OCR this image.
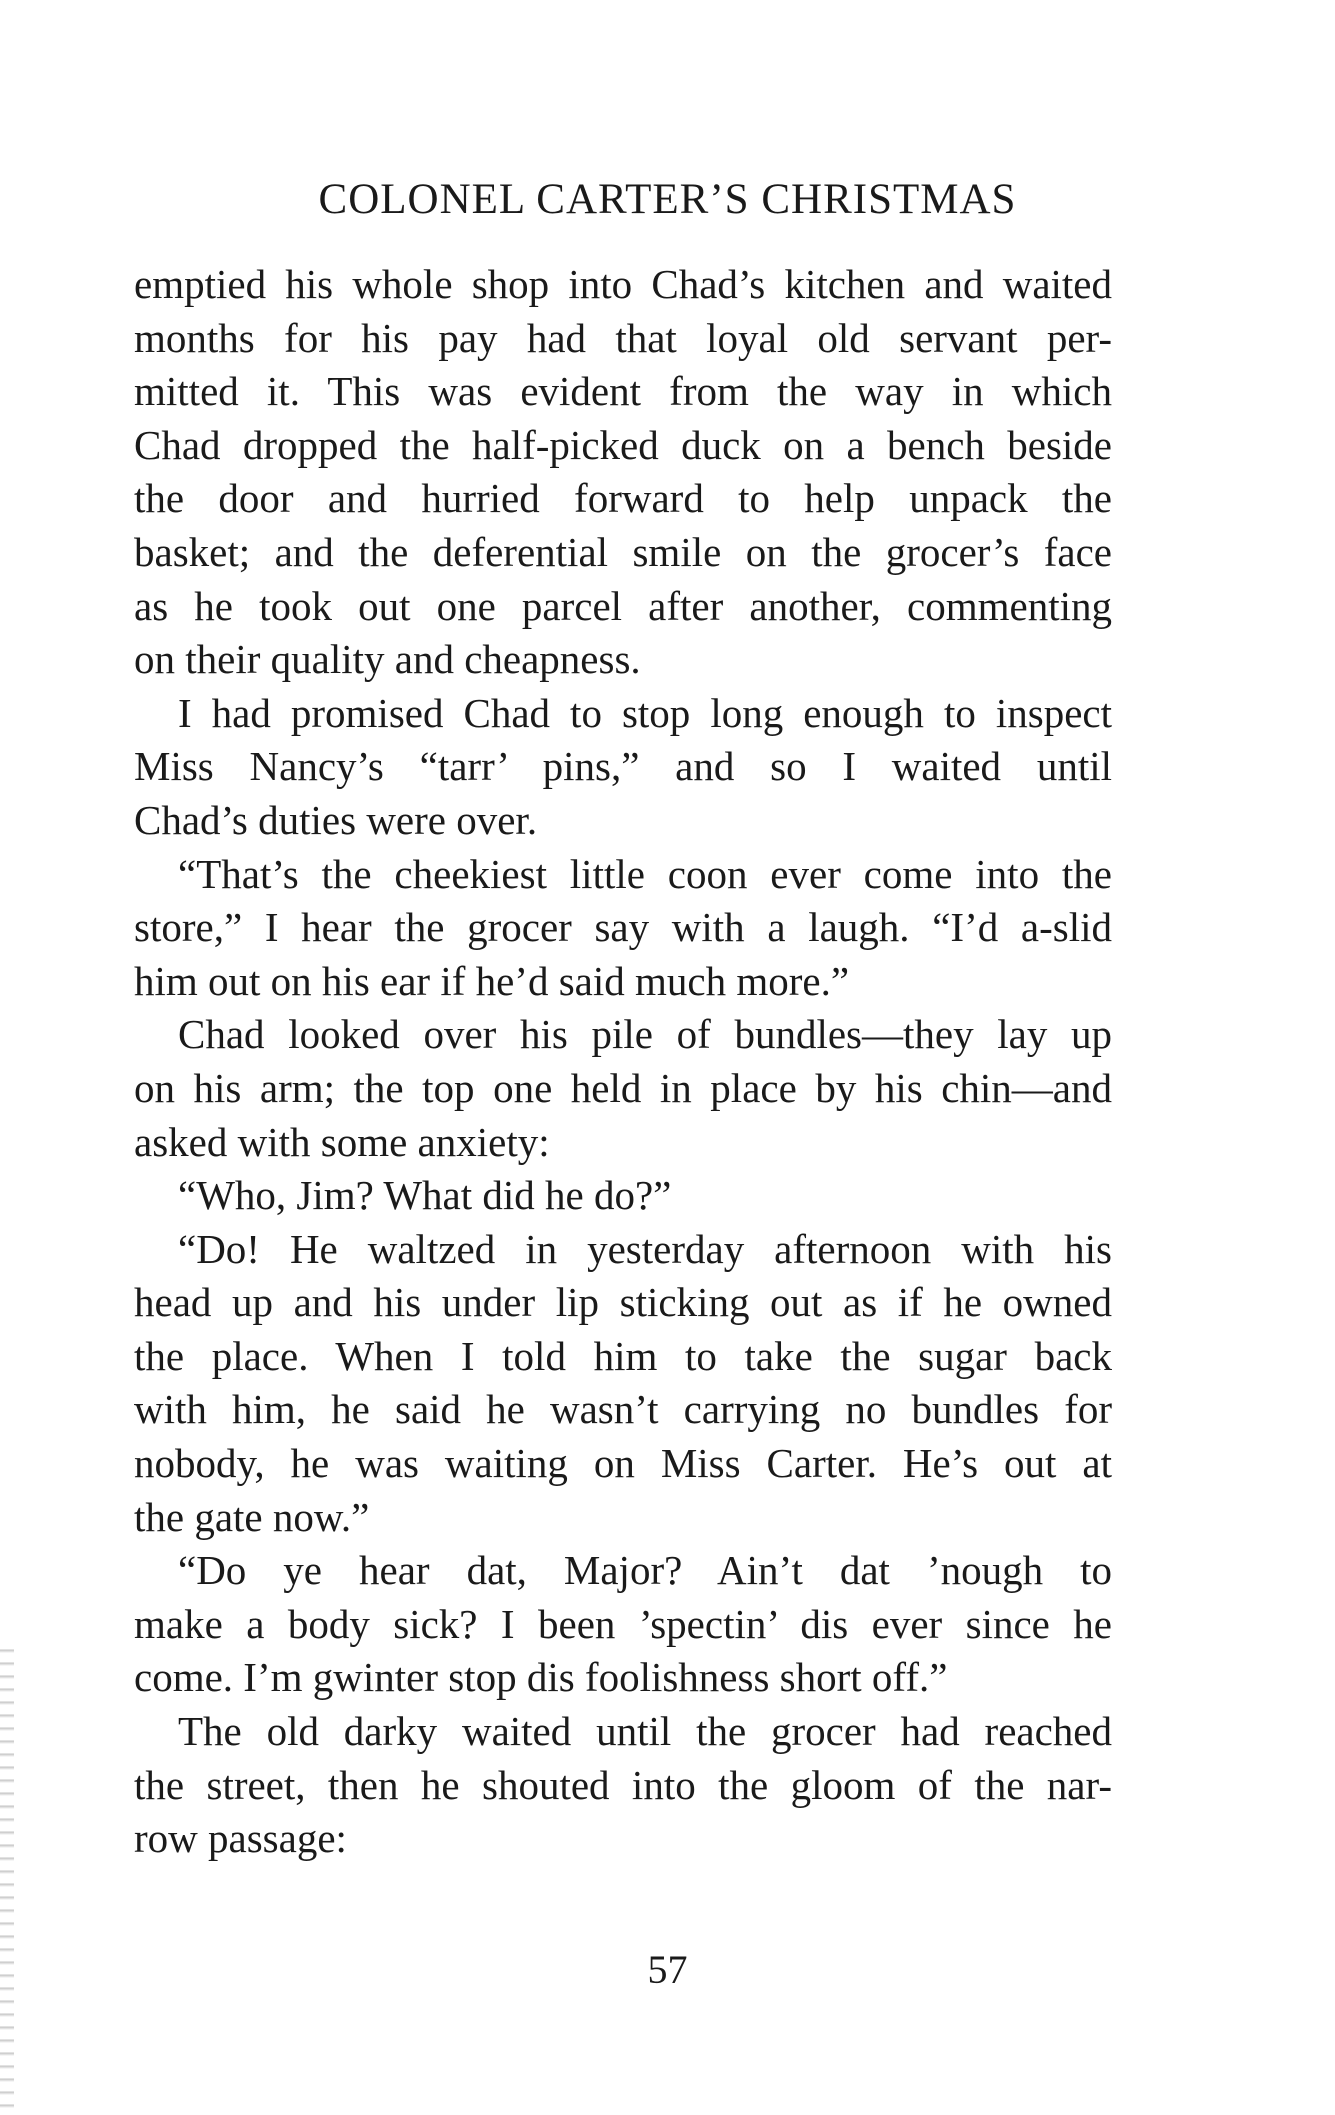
COLONEL CARTER’S CHRISTMAS
emptied his whole shop into Chad’s kitchen and waited
months for his pay had that loyal old servant per-
mitted it. This was evident from the way in which
Chad dropped the half-picked duck on a bench beside
the door and hurried forward to help unpack the
basket; and the deferential smile on the grocer’s face
as he took out one parcel after another, commenting
on their quality and cheapness.
I had promised Chad to stop long enough to inspect
Miss Nancy’s “tarr’ pins,” and so I waited until
Chad’s duties were over.
“That’s the cheekiest little coon ever come into the
store,” I hear the grocer say with a laugh. “I’d a-slid
him out on his ear if he’d said much more.”
Chad looked over his pile of bundles—they lay up
on his arm; the top one held in place by his chin—and
asked with some anxiety:
“Who, Jim? What did he do?”
“Do! He waltzed in yesterday afternoon with his
head up and his under lip sticking out as if he owned
the place. When I told him to take the sugar back
with him, he said he wasn’t carrying no bundles for
nobody, he was waiting on Miss Carter. He’s out at
the gate now.”
“Do ye hear dat, Major? Ain’t dat ’nough to
make a body sick? I been ’spectin’ dis ever since he
come. I’m gwinter stop dis foolishness short off.”
The old darky waited until the grocer had reached
the street, then he shouted into the gloom of the nar-
row passage:
57
